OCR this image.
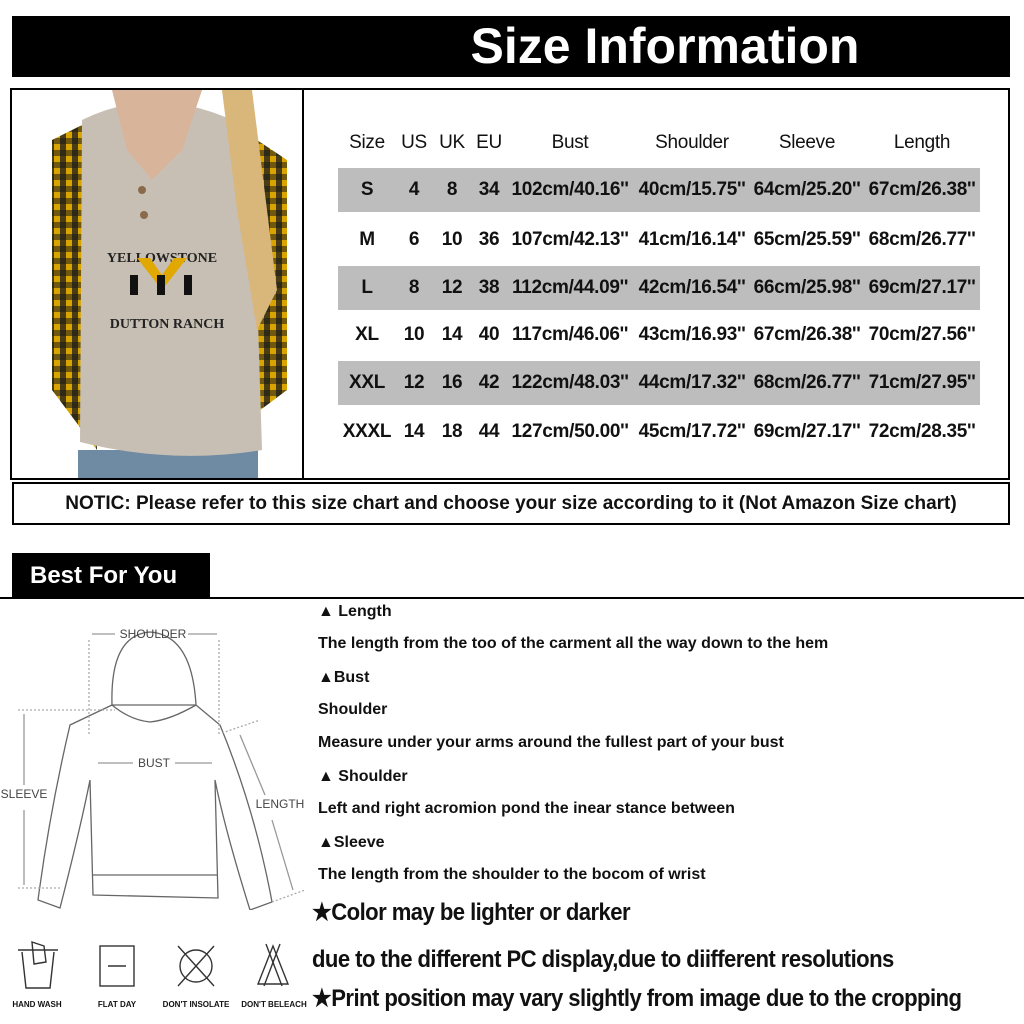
Size Information
YELLOWSTONE
DUTTON RANCH
Size US UK EU	Bust	Shoulder	Sleeve	Length
S 4 8 34 102cm/40.16'' 40cm/15.75'' 64cm/25.20'' 67cm/26.38''
M 6 10 36 107cm/42.13'' 41cm/16.14'' 65cm/25.59'' 68cm/26.77''
L 8 12 38 112cm/44.09'' 42cm/16.54'' 66cm/25.98'' 69cm/27.17''
XL 10 14 40 117cm/46.06'' 43cm/16.93'' 67cm/26.38'' 70cm/27.56''
XXL 12 16 42 122cm/48.03'' 44cm/17.32'' 68cm/26.77'' 71cm/27.95''
XXXL 14 18 44 127cm/50.00'' 45cm/17.72'' 69cm/27.17'' 72cm/28.35''
NOTIC: Please refer to this size chart and choose your size according to it (Not Amazon Size chart)
Best For You
SHOULDER
BUST
SLEEVE
LENGTH
HAND WASH	FLAT DAY	DON'T INSOLATE	DON'T BELEACH
▲ Length
The length from the too of the carment all the way down to the hem
▲Bust
Shoulder
Measure under your arms around the fullest part of your bust
▲ Shoulder
Left and right acromion pond the inear stance between
▲Sleeve
The length from the shoulder to the bocom of wrist
★Color may be lighter or darker
due to the different PC display,due to diifferent resolutions
★Print position may vary slightly from image due to the cropping
